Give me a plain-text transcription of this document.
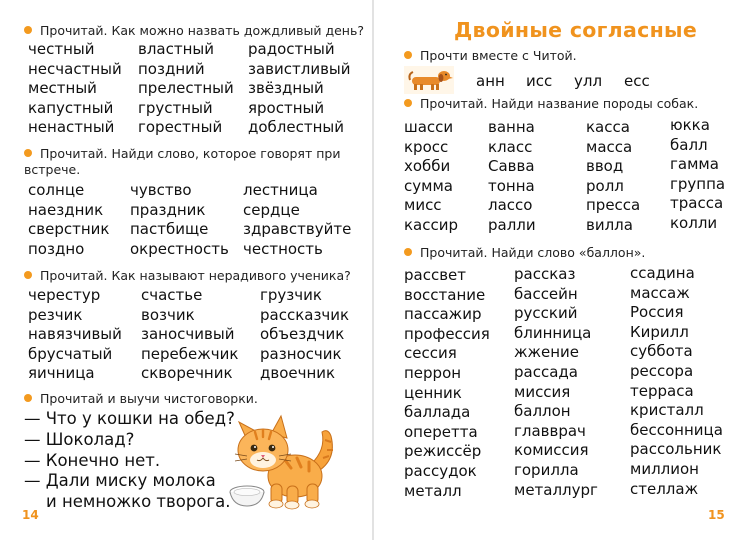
Прочитай. Как можно назвать дождливый день?
честный
несчастный
местный
капустный
ненастный
властный
поздний
прелестный
грустный
горестный
радостный
завистливый
звёздный
яростный
доблестный
Прочитай. Найди слово, которое говорят при
встрече.
солнце
наездник
сверстник
поздно
чувство
праздник
пастбище
окрестность
лестница
сердце
здравствуйте
честность
Прочитай. Как называют нерадивого ученика?
черестур
резчик
навязчивый
брусчатый
яичница
счастье
возчик
заносчивый
перебежчик
скворечник
грузчик
рассказчик
объездчик
разносчик
двоечник
Прочитай и выучи чистоговорки.
— Что у кошки на обед?
— Шоколад?
— Конечно нет.
— Дали миску молока
и немножко творога.
14
Двойные согласные
Прочти вместе с Читой.
анн исс улл есс
Прочитай. Найди название породы собак.
шасси
кросс
хобби
сумма
мисс
кассир
ванна
класс
Савва
тонна
лассо
ралли
касса
масса
ввод
ролл
пресса
вилла
юкка
балл
гамма
группа
трасса
колли
Прочитай. Найди слово «баллон».
рассвет
восстание
пассажир
профессия
сессия
перрон
ценник
баллада
оперетта
режиссёр
рассудок
металл
рассказ
бассейн
русский
блинница
жжение
рассада
миссия
баллон
главврач
комиссия
горилла
металлург
ссадина
массаж
Россия
Кирилл
суббота
рессора
терраса
кристалл
бессонница
рассольник
миллион
стеллаж
15
